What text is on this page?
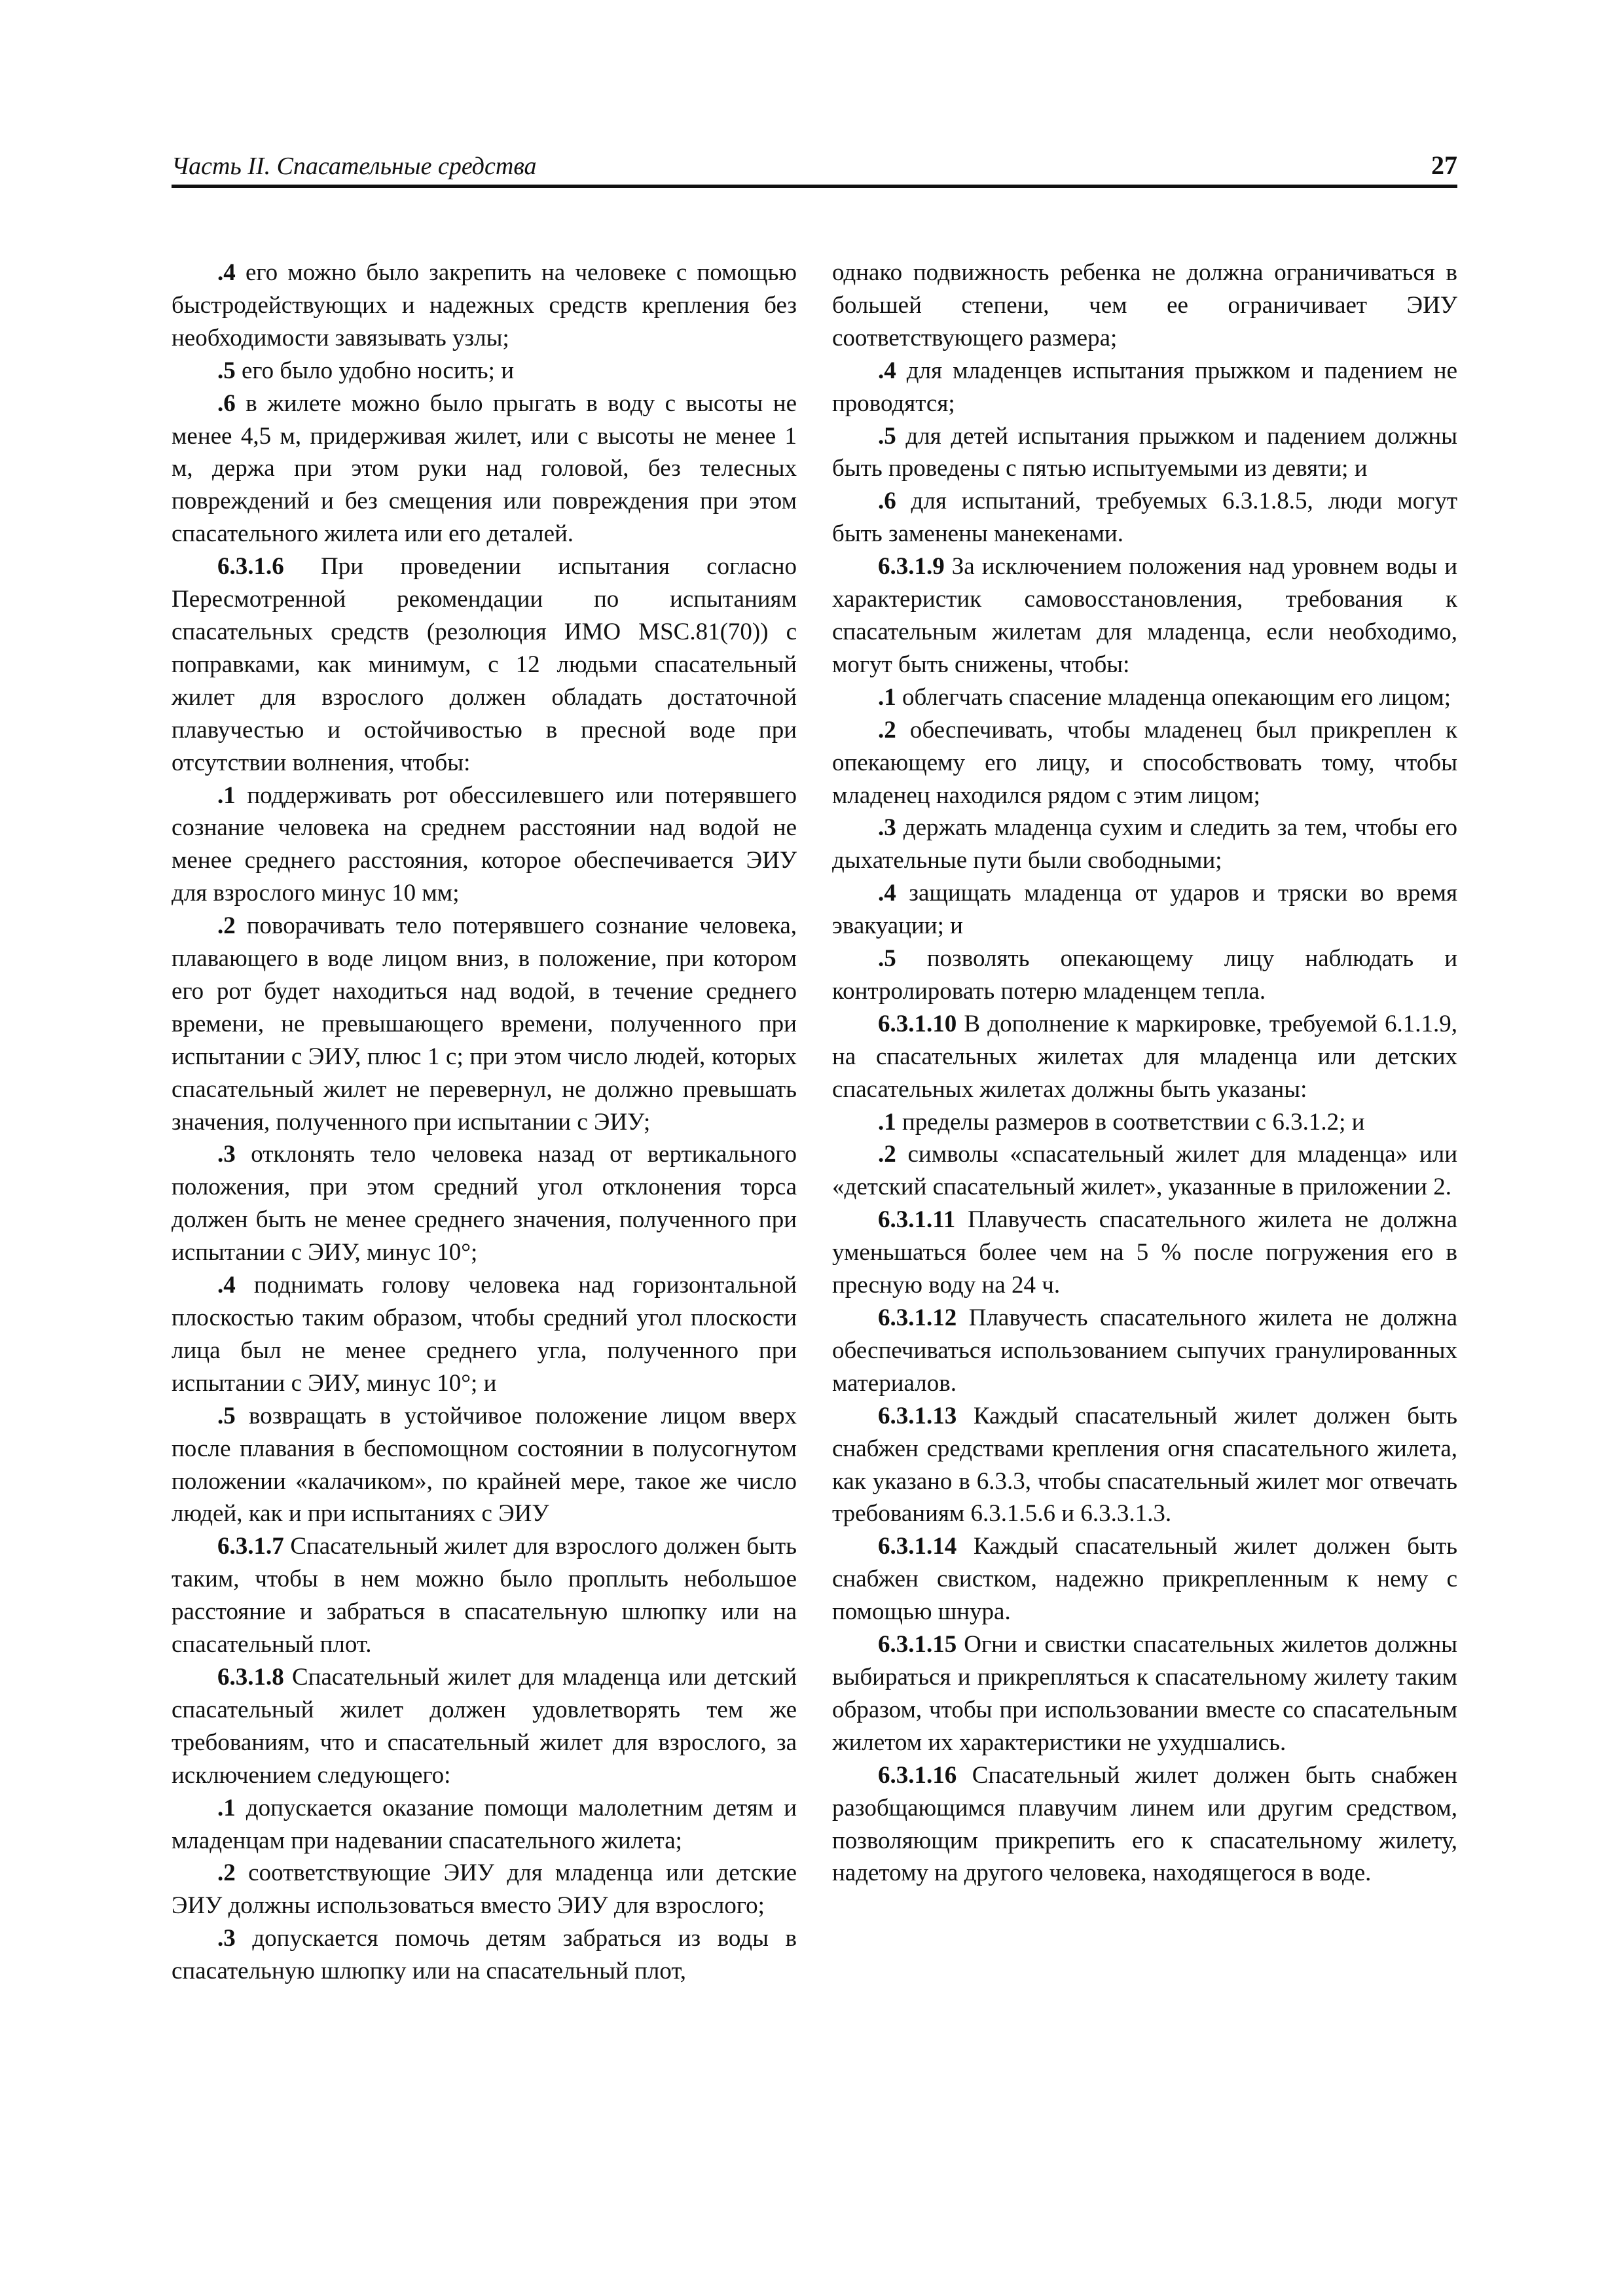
Часть II. Спасательные средства	27

.4 его можно было закрепить на человеке с помощью быстродействующих и надежных средств крепления без необходимости завязывать узлы;

.5 его было удобно носить; и

.6 в жилете можно было прыгать в воду с высоты не менее 4,5 м, придерживая жилет, или с высоты не менее 1 м, держа при этом руки над головой, без телесных повреждений и без смещения или повреждения при этом спасательного жилета или его деталей.

6.3.1.6 При проведении испытания согласно Пересмотренной рекомендации по испытаниям спасательных средств (резолюция ИМО MSC.81(70)) с поправками, как минимум, с 12 людьми спасательный жилет для взрослого должен обладать достаточной плавучестью и остойчивостью в пресной воде при отсутствии волнения, чтобы:

.1 поддерживать рот обессилевшего или потерявшего сознание человека на среднем расстоянии над водой не менее среднего расстояния, которое обеспечивается ЭИУ для взрослого минус 10 мм;

.2 поворачивать тело потерявшего сознание человека, плавающего в воде лицом вниз, в положение, при котором его рот будет находиться над водой, в течение среднего времени, не превышающего времени, полученного при испытании с ЭИУ, плюс 1 с; при этом число людей, которых спасательный жилет не перевернул, не должно превышать значения, полученного при испытании с ЭИУ;

.3 отклонять тело человека назад от вертикального положения, при этом средний угол отклонения торса должен быть не менее среднего значения, полученного при испытании с ЭИУ, минус 10°;

.4 поднимать голову человека над горизонтальной плоскостью таким образом, чтобы средний угол плоскости лица был не менее среднего угла, полученного при испытании с ЭИУ, минус 10°; и

.5 возвращать в устойчивое положение лицом вверх после плавания в беспомощном состоянии в полусогнутом положении «калачиком», по крайней мере, такое же число людей, как и при испытаниях с ЭИУ

6.3.1.7 Спасательный жилет для взрослого должен быть таким, чтобы в нем можно было проплыть небольшое расстояние и забраться в спасательную шлюпку или на спасательный плот.

6.3.1.8 Спасательный жилет для младенца или детский спасательный жилет должен удовлетворять тем же требованиям, что и спасательный жилет для взрослого, за исключением следующего:

.1 допускается оказание помощи малолетним детям и младенцам при надевании спасательного жилета;

.2 соответствующие ЭИУ для младенца или детские ЭИУ должны использоваться вместо ЭИУ для взрослого;

.3 допускается помочь детям забраться из воды в спасательную шлюпку или на спасательный плот,

однако подвижность ребенка не должна ограничиваться в большей степени, чем ее ограничивает ЭИУ соответствующего размера;

.4 для младенцев испытания прыжком и падением не проводятся;

.5 для детей испытания прыжком и падением должны быть проведены с пятью испытуемыми из девяти; и

.6 для испытаний, требуемых 6.3.1.8.5, люди могут быть заменены манекенами.

6.3.1.9 За исключением положения над уровнем воды и характеристик самовосстановления, требования к спасательным жилетам для младенца, если необходимо, могут быть снижены, чтобы:

.1 облегчать спасение младенца опекающим его лицом;

.2 обеспечивать, чтобы младенец был прикреплен к опекающему его лицу, и способствовать тому, чтобы младенец находился рядом с этим лицом;

.3 держать младенца сухим и следить за тем, чтобы его дыхательные пути были свободными;

.4 защищать младенца от ударов и тряски во время эвакуации; и

.5 позволять опекающему лицу наблюдать и контролировать потерю младенцем тепла.

6.3.1.10 В дополнение к маркировке, требуемой 6.1.1.9, на спасательных жилетах для младенца или детских спасательных жилетах должны быть указаны:

.1 пределы размеров в соответствии с 6.3.1.2; и

.2 символы «спасательный жилет для младенца» или «детский спасательный жилет», указанные в приложении 2.

6.3.1.11 Плавучесть спасательного жилета не должна уменьшаться более чем на 5 % после погружения его в пресную воду на 24 ч.

6.3.1.12 Плавучесть спасательного жилета не должна обеспечиваться использованием сыпучих гранулированных материалов.

6.3.1.13 Каждый спасательный жилет должен быть снабжен средствами крепления огня спасательного жилета, как указано в 6.3.3, чтобы спасательный жилет мог отвечать требованиям 6.3.1.5.6 и 6.3.3.1.3.

6.3.1.14 Каждый спасательный жилет должен быть снабжен свистком, надежно прикрепленным к нему с помощью шнура.

6.3.1.15 Огни и свистки спасательных жилетов должны выбираться и прикрепляться к спасательному жилету таким образом, чтобы при использовании вместе со спасательным жилетом их характеристики не ухудшались.

6.3.1.16 Спасательный жилет должен быть снабжен разобщающимся плавучим линем или другим средством, позволяющим прикрепить его к спасательному жилету, надетому на другого человека, находящегося в воде.
